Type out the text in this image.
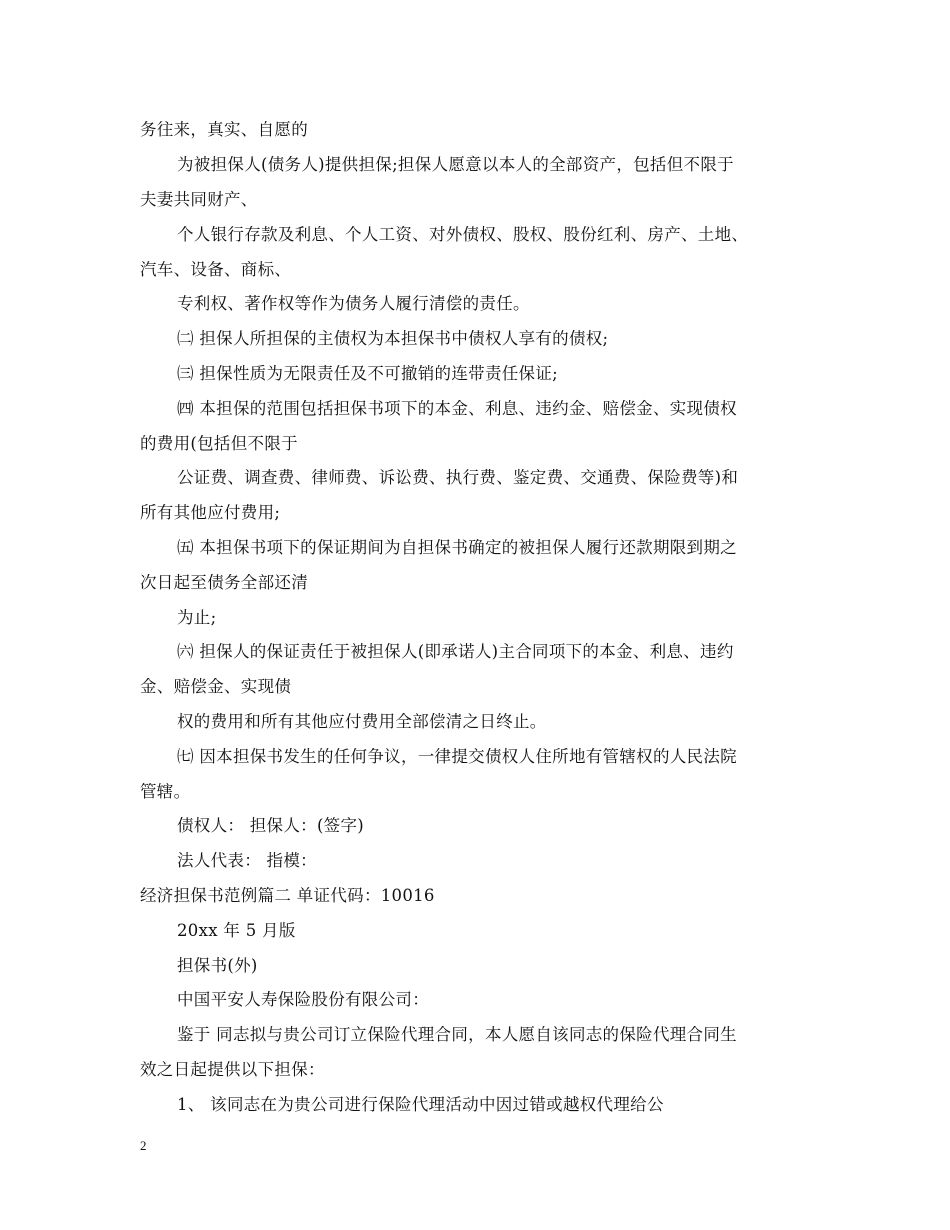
务往来，真实、自愿的
为被担保人(债务人)提供担保;担保人愿意以本人的全部资产，包括但不限于
夫妻共同财产、
个人银行存款及利息、个人工资、对外债权、股权、股份红利、房产、土地、
汽车、设备、商标、
专利权、著作权等作为债务人履行清偿的责任。
㈡ 担保人所担保的主债权为本担保书中债权人享有的债权;
㈢ 担保性质为无限责任及不可撤销的连带责任保证;
㈣ 本担保的范围包括担保书项下的本金、利息、违约金、赔偿金、实现债权
的费用(包括但不限于
公证费、调查费、律师费、诉讼费、执行费、鉴定费、交通费、保险费等)和
所有其他应付费用;
㈤ 本担保书项下的保证期间为自担保书确定的被担保人履行还款期限到期之
次日起至债务全部还清
为止;
㈥ 担保人的保证责任于被担保人(即承诺人)主合同项下的本金、利息、违约
金、赔偿金、实现债
权的费用和所有其他应付费用全部偿清之日终止。
㈦ 因本担保书发生的任何争议，一律提交债权人住所地有管辖权的人民法院
管辖。
债权人： 担保人：(签字)
法人代表： 指模：
经济担保书范例篇二 单证代码：10016
20xx 年 5 月版
担保书(外)
中国平安人寿保险股份有限公司：
鉴于 同志拟与贵公司订立保险代理合同，本人愿自该同志的保险代理合同生
效之日起提供以下担保：
1、 该同志在为贵公司进行保险代理活动中因过错或越权代理给公
2
